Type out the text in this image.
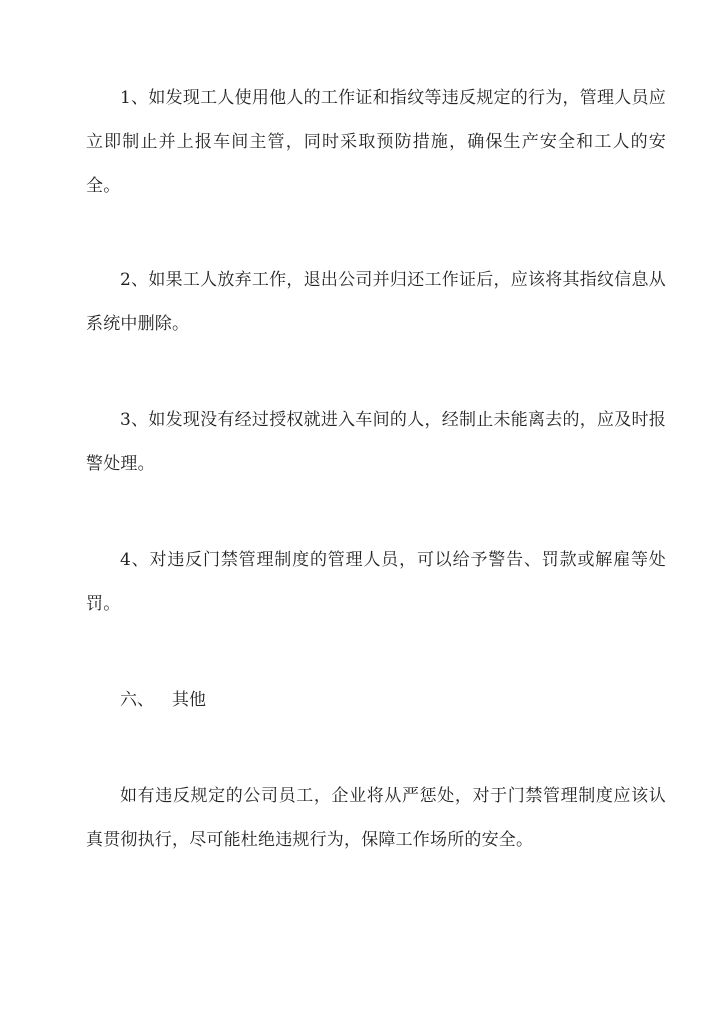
1、如发现工人使用他人的工作证和指纹等违反规定的行为，管理人员应立即制止并上报车间主管，同时采取预防措施，确保生产安全和工人的安全。

2、如果工人放弃工作，退出公司并归还工作证后，应该将其指纹信息从系统中删除。

3、如发现没有经过授权就进入车间的人，经制止未能离去的，应及时报警处理。

4、对违反门禁管理制度的管理人员，可以给予警告、罚款或解雇等处罚。

六、 其他

如有违反规定的公司员工，企业将从严惩处，对于门禁管理制度应该认真贯彻执行，尽可能杜绝违规行为，保障工作场所的安全。
